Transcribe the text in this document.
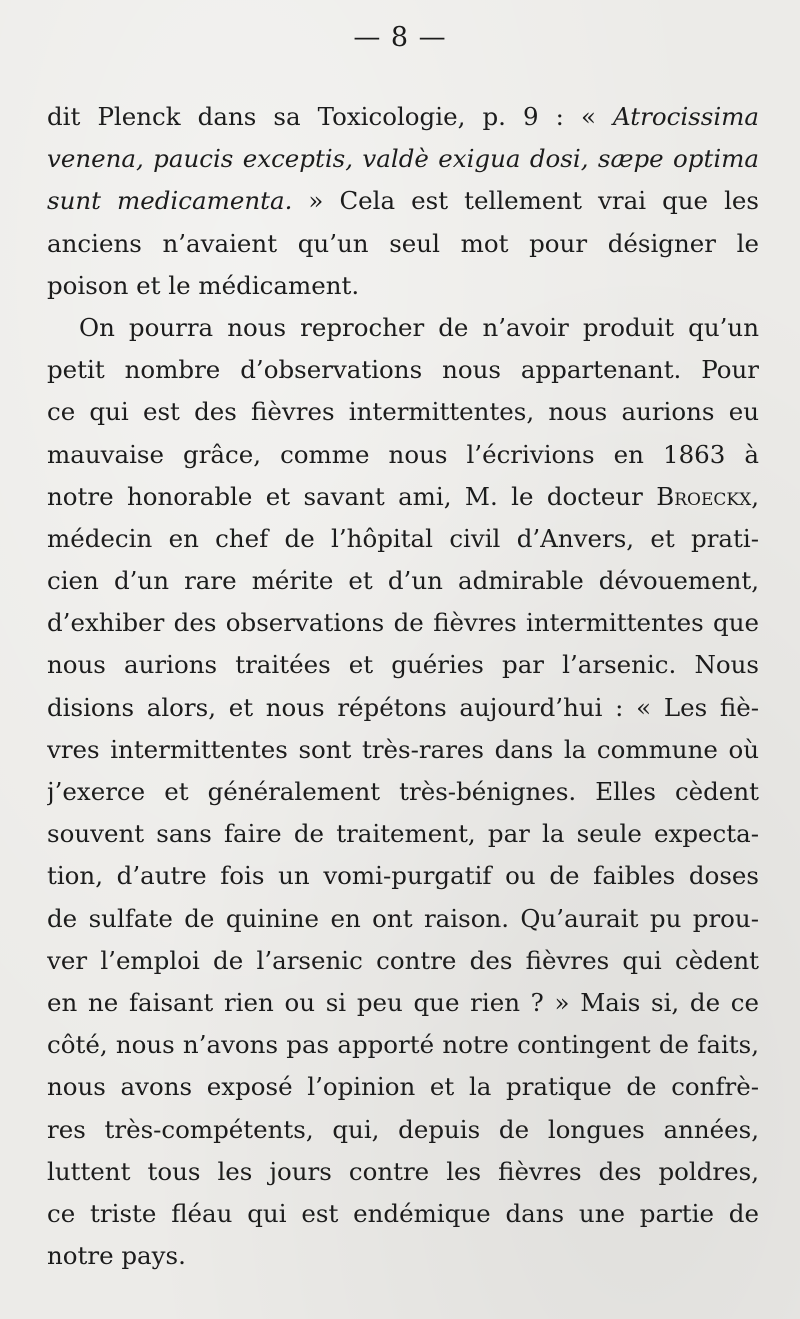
— 8 —
dit Plenck dans sa Toxicologie, p. 9 : « Atrocissima
venena, paucis exceptis, valdè exigua dosi, sæpe optima
sunt medicamenta. » Cela est tellement vrai que les
anciens n’avaient qu’un seul mot pour désigner le
poison et le médicament.
On pourra nous reprocher de n’avoir produit qu’un
petit nombre d’observations nous appartenant. Pour
ce qui est des fièvres intermittentes, nous aurions eu
mauvaise grâce, comme nous l’écrivions en 1863 à
notre honorable et savant ami, M. le docteur Broeckx,
médecin en chef de l’hôpital civil d’Anvers, et prati-
cien d’un rare mérite et d’un admirable dévouement,
d’exhiber des observations de fièvres intermittentes que
nous aurions traitées et guéries par l’arsenic. Nous
disions alors, et nous répétons aujourd’hui : « Les fiè-
vres intermittentes sont très-rares dans la commune où
j’exerce et généralement très-bénignes. Elles cèdent
souvent sans faire de traitement, par la seule expecta-
tion, d’autre fois un vomi-purgatif ou de faibles doses
de sulfate de quinine en ont raison. Qu’aurait pu prou-
ver l’emploi de l’arsenic contre des fièvres qui cèdent
en ne faisant rien ou si peu que rien ? » Mais si, de ce
côté, nous n’avons pas apporté notre contingent de faits,
nous avons exposé l’opinion et la pratique de confrè-
res très-compétents, qui, depuis de longues années,
luttent tous les jours contre les fièvres des poldres,
ce triste fléau qui est endémique dans une partie de
notre pays.
